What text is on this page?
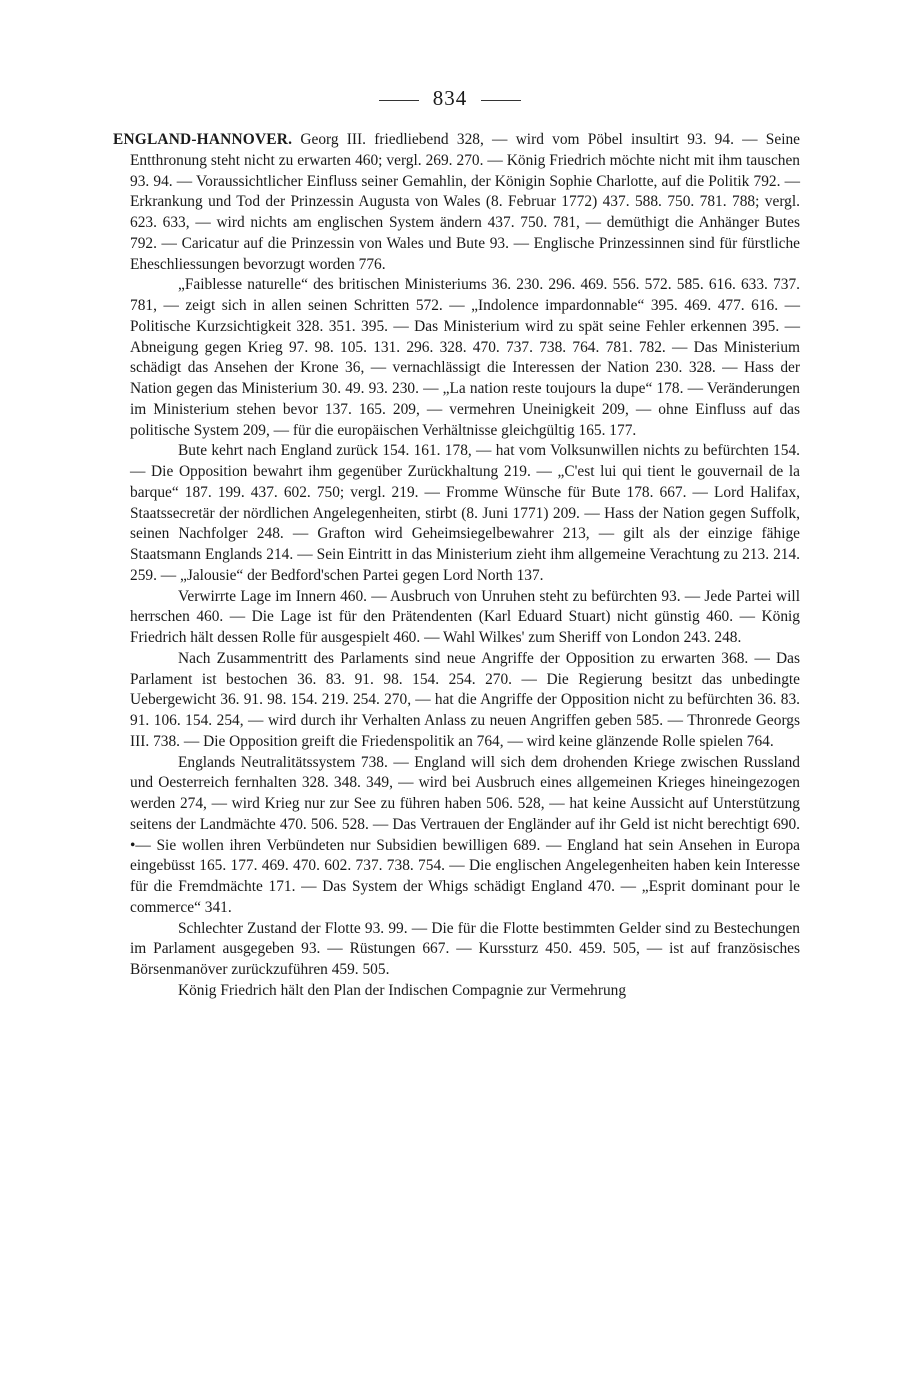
834

ENGLAND-HANNOVER. Georg III. friedliebend 328, — wird vom Pöbel insultirt 93. 94. — Seine Entthronung steht nicht zu erwarten 460; vergl. 269. 270. — König Friedrich möchte nicht mit ihm tauschen 93. 94. — Voraussichtlicher Einfluss seiner Gemahlin, der Königin Sophie Charlotte, auf die Politik 792. — Erkrankung und Tod der Prinzessin Augusta von Wales (8. Februar 1772) 437. 588. 750. 781. 788; vergl. 623. 633, — wird nichts am englischen System ändern 437. 750. 781, — demüthigt die Anhänger Butes 792. — Caricatur auf die Prinzessin von Wales und Bute 93. — Englische Prinzessinnen sind für fürstliche Eheschliessungen bevorzugt worden 776.

„Faiblesse naturelle“ des britischen Ministeriums 36. 230. 296. 469. 556. 572. 585. 616. 633. 737. 781, — zeigt sich in allen seinen Schritten 572. — „Indolence impardonnable“ 395. 469. 477. 616. — Politische Kurzsichtigkeit 328. 351. 395. — Das Ministerium wird zu spät seine Fehler erkennen 395. — Abneigung gegen Krieg 97. 98. 105. 131. 296. 328. 470. 737. 738. 764. 781. 782. — Das Ministerium schädigt das Ansehen der Krone 36, — vernachlässigt die Interessen der Nation 230. 328. — Hass der Nation gegen das Ministerium 30. 49. 93. 230. — „La nation reste toujours la dupe“ 178. — Veränderungen im Ministerium stehen bevor 137. 165. 209, — vermehren Uneinigkeit 209, — ohne Einfluss auf das politische System 209, — für die europäischen Verhältnisse gleichgültig 165. 177.

Bute kehrt nach England zurück 154. 161. 178, — hat vom Volksunwillen nichts zu befürchten 154. — Die Opposition bewahrt ihm gegenüber Zurückhaltung 219. — „C'est lui qui tient le gouvernail de la barque“ 187. 199. 437. 602. 750; vergl. 219. — Fromme Wünsche für Bute 178. 667. — Lord Halifax, Staatssecretär der nördlichen Angelegenheiten, stirbt (8. Juni 1771) 209. — Hass der Nation gegen Suffolk, seinen Nachfolger 248. — Grafton wird Geheimsiegelbewahrer 213, — gilt als der einzige fähige Staatsmann Englands 214. — Sein Eintritt in das Ministerium zieht ihm allgemeine Verachtung zu 213. 214. 259. — „Jalousie“ der Bedford'schen Partei gegen Lord North 137.

Verwirrte Lage im Innern 460. — Ausbruch von Unruhen steht zu befürchten 93. — Jede Partei will herrschen 460. — Die Lage ist für den Prätendenten (Karl Eduard Stuart) nicht günstig 460. — König Friedrich hält dessen Rolle für ausgespielt 460. — Wahl Wilkes' zum Sheriff von London 243. 248.

Nach Zusammentritt des Parlaments sind neue Angriffe der Opposition zu erwarten 368. — Das Parlament ist bestochen 36. 83. 91. 98. 154. 254. 270. — Die Regierung besitzt das unbedingte Uebergewicht 36. 91. 98. 154. 219. 254. 270, — hat die Angriffe der Opposition nicht zu befürchten 36. 83. 91. 106. 154. 254, — wird durch ihr Verhalten Anlass zu neuen Angriffen geben 585. — Thronrede Georgs III. 738. — Die Opposition greift die Friedenspolitik an 764, — wird keine glänzende Rolle spielen 764.

Englands Neutralitätssystem 738. — England will sich dem drohenden Kriege zwischen Russland und Oesterreich fernhalten 328. 348. 349, — wird bei Ausbruch eines allgemeinen Krieges hineingezogen werden 274, — wird Krieg nur zur See zu führen haben 506. 528, — hat keine Aussicht auf Unterstützung seitens der Landmächte 470. 506. 528. — Das Vertrauen der Engländer auf ihr Geld ist nicht berechtigt 690. •— Sie wollen ihren Verbündeten nur Subsidien bewilligen 689. — England hat sein Ansehen in Europa eingebüsst 165. 177. 469. 470. 602. 737. 738. 754. — Die englischen Angelegenheiten haben kein Interesse für die Fremdmächte 171. — Das System der Whigs schädigt England 470. — „Esprit dominant pour le commerce“ 341.

Schlechter Zustand der Flotte 93. 99. — Die für die Flotte bestimmten Gelder sind zu Bestechungen im Parlament ausgegeben 93. — Rüstungen 667. — Kurssturz 450. 459. 505, — ist auf französisches Börsenmanöver zurückzuführen 459. 505.

König Friedrich hält den Plan der Indischen Compagnie zur Vermehrung
